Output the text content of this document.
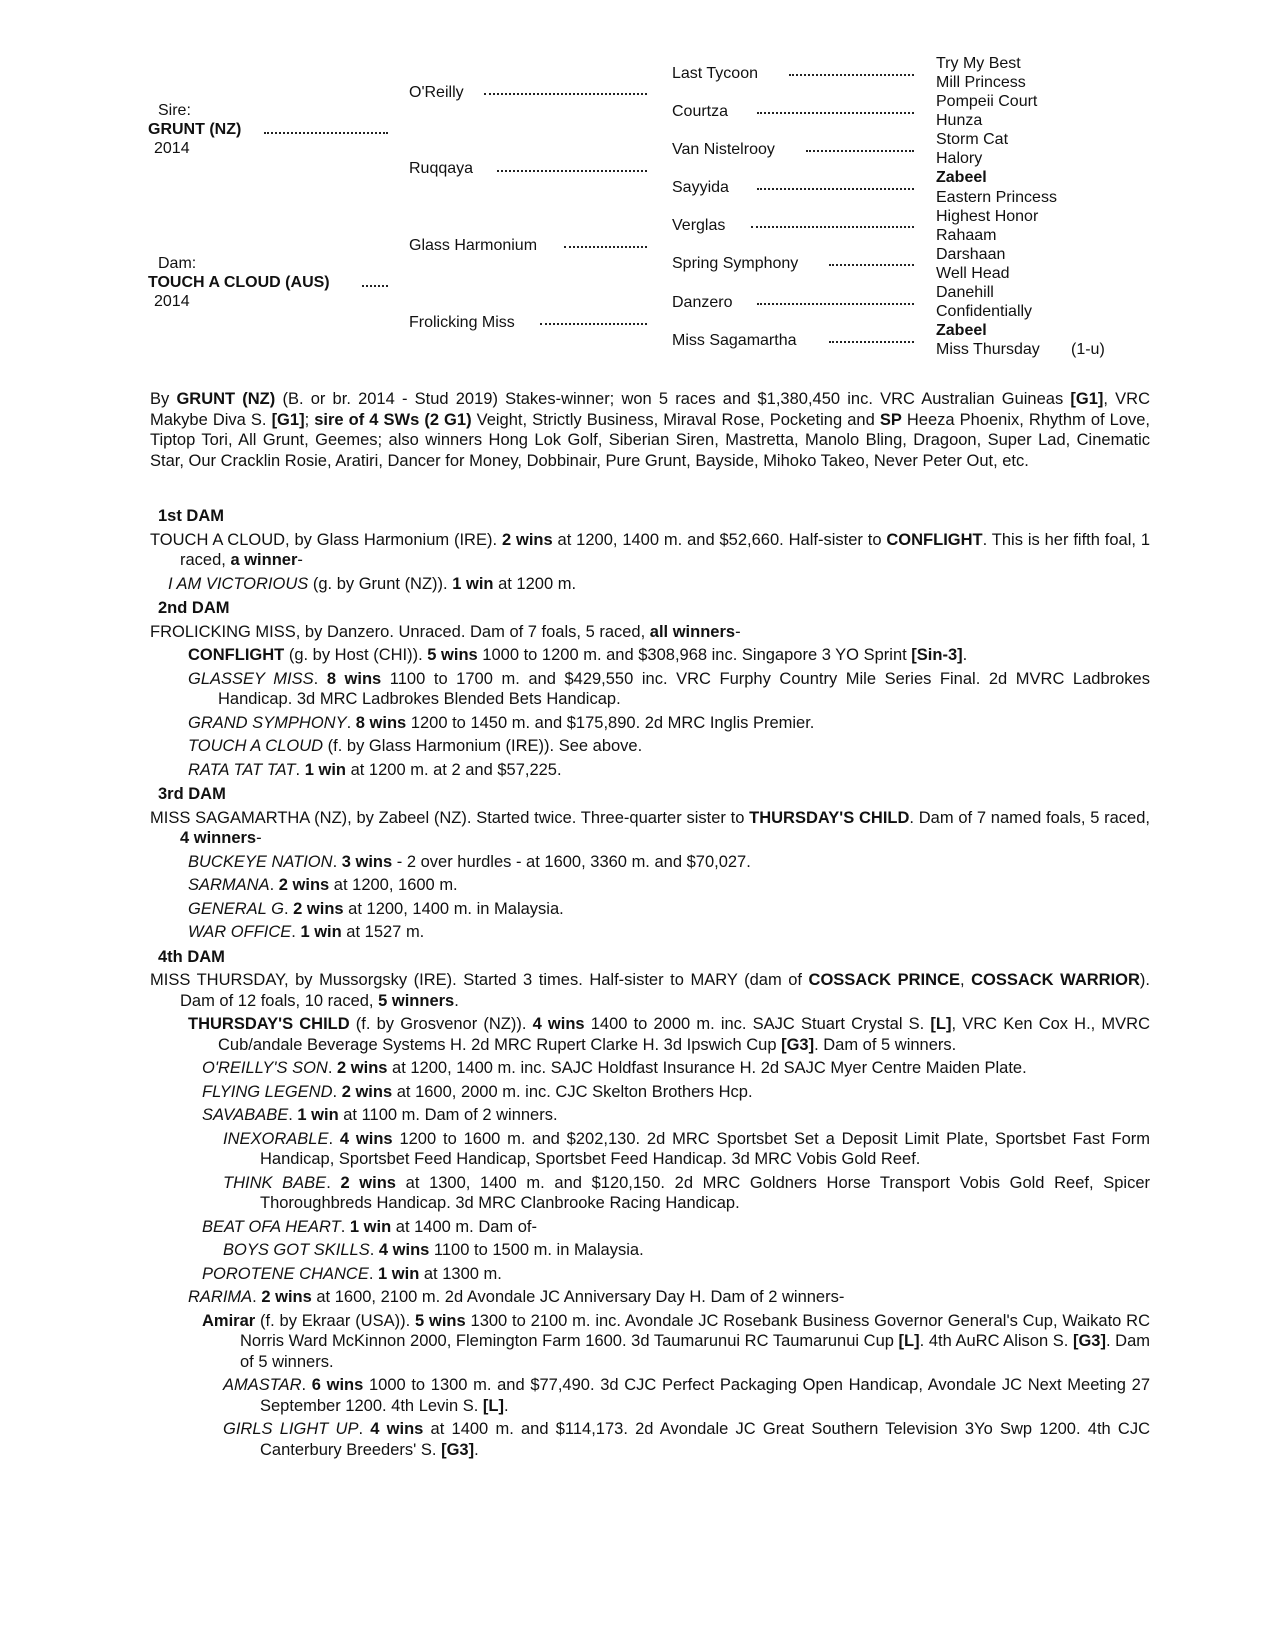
Sire:
GRUNT (NZ)
2014
Dam:
TOUCH A CLOUD (AUS)
2014
O'Reilly
Ruqqaya
Glass Harmonium
Frolicking Miss
Last Tycoon
Courtza
Van Nistelrooy
Sayyida
Verglas
Spring Symphony
Danzero
Miss Sagamartha
Try My Best
Mill Princess
Pompeii Court
Hunza
Storm Cat
Halory
Zabeel
Eastern Princess
Highest Honor
Rahaam
Darshaan
Well Head
Danehill
Confidentially
Zabeel
Miss Thursday (1-u)
By GRUNT (NZ) (B. or br. 2014 - Stud 2019) Stakes-winner; won 5 races and $1,380,450 inc. VRC Australian Guineas [G1], VRC Makybe Diva S. [G1]; sire of 4 SWs (2 G1) Veight, Strictly Business, Miraval Rose, Pocketing and SP Heeza Phoenix, Rhythm of Love, Tiptop Tori, All Grunt, Geemes; also winners Hong Lok Golf, Siberian Siren, Mastretta, Manolo Bling, Dragoon, Super Lad, Cinematic Star, Our Cracklin Rosie, Aratiri, Dancer for Money, Dobbinair, Pure Grunt, Bayside, Mihoko Takeo, Never Peter Out, etc.

1st DAM

TOUCH A CLOUD, by Glass Harmonium (IRE). 2 wins at 1200, 1400 m. and $52,660. Half-sister to CONFLIGHT. This is her fifth foal, 1 raced, a winner-

I AM VICTORIOUS (g. by Grunt (NZ)). 1 win at 1200 m.

2nd DAM

FROLICKING MISS, by Danzero. Unraced. Dam of 7 foals, 5 raced, all winners-

CONFLIGHT (g. by Host (CHI)). 5 wins 1000 to 1200 m. and $308,968 inc. Singapore 3 YO Sprint [Sin-3].

GLASSEY MISS. 8 wins 1100 to 1700 m. and $429,550 inc. VRC Furphy Country Mile Series Final. 2d MVRC Ladbrokes Handicap. 3d MRC Ladbrokes Blended Bets Handicap.

GRAND SYMPHONY. 8 wins 1200 to 1450 m. and $175,890. 2d MRC Inglis Premier.

TOUCH A CLOUD (f. by Glass Harmonium (IRE)). See above.

RATA TAT TAT. 1 win at 1200 m. at 2 and $57,225.

3rd DAM

MISS SAGAMARTHA (NZ), by Zabeel (NZ). Started twice. Three-quarter sister to THURSDAY'S CHILD. Dam of 7 named foals, 5 raced, 4 winners-

BUCKEYE NATION. 3 wins - 2 over hurdles - at 1600, 3360 m. and $70,027.

SARMANA. 2 wins at 1200, 1600 m.

GENERAL G. 2 wins at 1200, 1400 m. in Malaysia.

WAR OFFICE. 1 win at 1527 m.

4th DAM

MISS THURSDAY, by Mussorgsky (IRE). Started 3 times. Half-sister to MARY (dam of COSSACK PRINCE, COSSACK WARRIOR). Dam of 12 foals, 10 raced, 5 winners.

THURSDAY'S CHILD (f. by Grosvenor (NZ)). 4 wins 1400 to 2000 m. inc. SAJC Stuart Crystal S. [L], VRC Ken Cox H., MVRC Cub/andale Beverage Systems H. 2d MRC Rupert Clarke H. 3d Ipswich Cup [G3]. Dam of 5 winners.

O'REILLY'S SON. 2 wins at 1200, 1400 m. inc. SAJC Holdfast Insurance H. 2d SAJC Myer Centre Maiden Plate.

FLYING LEGEND. 2 wins at 1600, 2000 m. inc. CJC Skelton Brothers Hcp.

SAVABABE. 1 win at 1100 m. Dam of 2 winners.

INEXORABLE. 4 wins 1200 to 1600 m. and $202,130. 2d MRC Sportsbet Set a Deposit Limit Plate, Sportsbet Fast Form Handicap, Sportsbet Feed Handicap, Sportsbet Feed Handicap. 3d MRC Vobis Gold Reef.

THINK BABE. 2 wins at 1300, 1400 m. and $120,150. 2d MRC Goldners Horse Transport Vobis Gold Reef, Spicer Thoroughbreds Handicap. 3d MRC Clanbrooke Racing Handicap.

BEAT OFA HEART. 1 win at 1400 m. Dam of-

BOYS GOT SKILLS. 4 wins 1100 to 1500 m. in Malaysia.

POROTENE CHANCE. 1 win at 1300 m.

RARIMA. 2 wins at 1600, 2100 m. 2d Avondale JC Anniversary Day H. Dam of 2 winners-

Amirar (f. by Ekraar (USA)). 5 wins 1300 to 2100 m. inc. Avondale JC Rosebank Business Governor General's Cup, Waikato RC Norris Ward McKinnon 2000, Flemington Farm 1600. 3d Taumarunui RC Taumarunui Cup [L]. 4th AuRC Alison S. [G3]. Dam of 5 winners.

AMASTAR. 6 wins 1000 to 1300 m. and $77,490. 3d CJC Perfect Packaging Open Handicap, Avondale JC Next Meeting 27 September 1200. 4th Levin S. [L].

GIRLS LIGHT UP. 4 wins at 1400 m. and $114,173. 2d Avondale JC Great Southern Television 3Yo Swp 1200. 4th CJC Canterbury Breeders' S. [G3].
